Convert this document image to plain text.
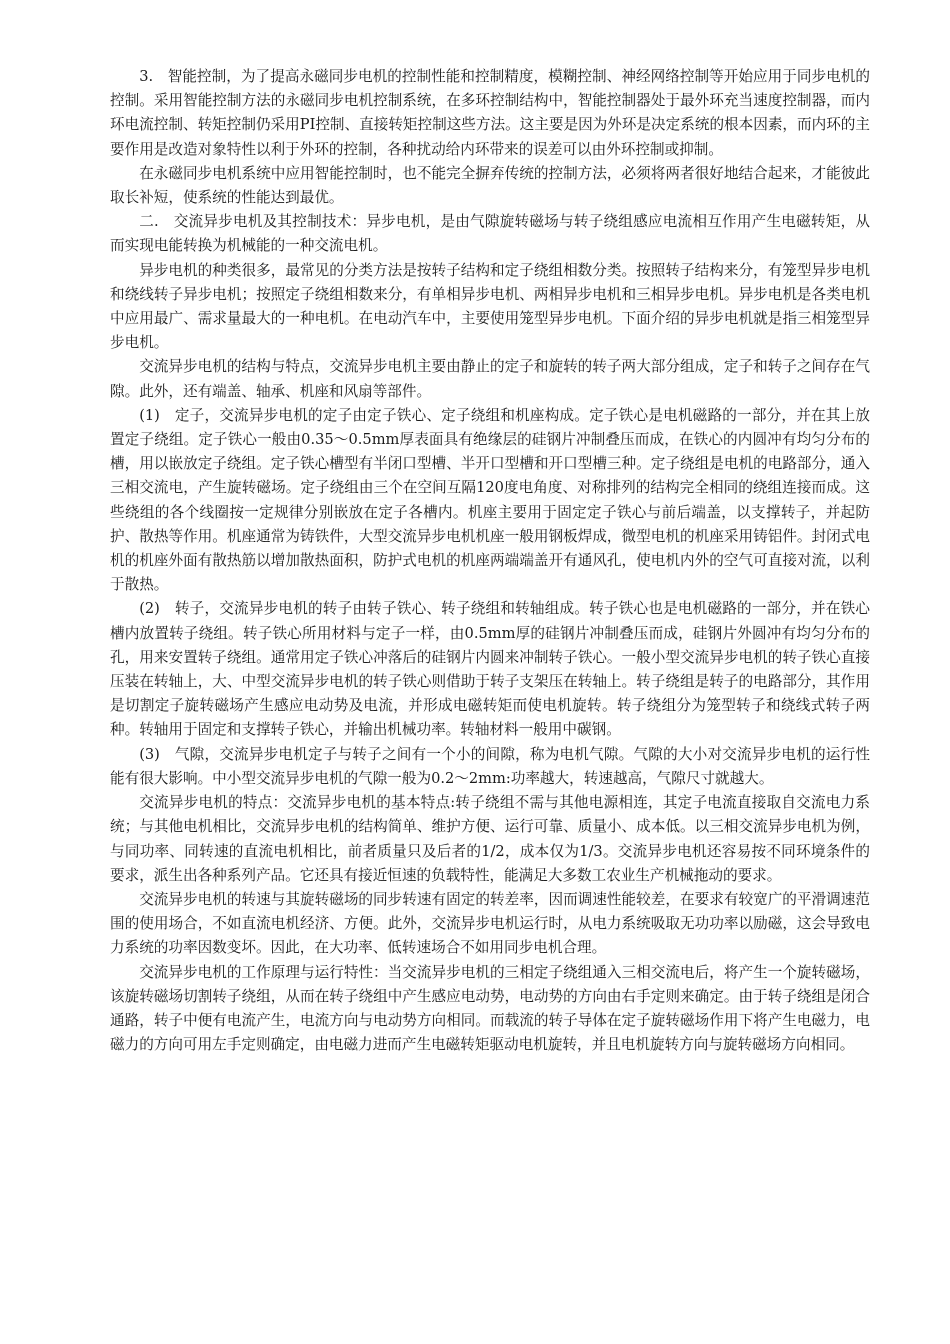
3.　智能控制，为了提高永磁同步电机的控制性能和控制精度，模糊控制、神经网络控制等开始应用于同步电机的控制。采用智能控制方法的永磁同步电机控制系统，在多环控制结构中，智能控制器处于最外环充当速度控制器，而内环电流控制、转矩控制仍采用PI控制、直接转矩控制这些方法。这主要是因为外环是决定系统的根本因素，而内环的主要作用是改造对象特性以利于外环的控制，各种扰动给内环带来的误差可以由外环控制或抑制。

在永磁同步电机系统中应用智能控制时，也不能完全摒弃传统的控制方法，必须将两者很好地结合起来，才能彼此取长补短，使系统的性能达到最优。

二.　交流异步电机及其控制技术：异步电机，是由气隙旋转磁场与转子绕组感应电流相互作用产生电磁转矩，从而实现电能转换为机械能的一种交流电机。

异步电机的种类很多，最常见的分类方法是按转子结构和定子绕组相数分类。按照转子结构来分，有笼型异步电机和绕线转子异步电机；按照定子绕组相数来分，有单相异步电机、两相异步电机和三相异步电机。异步电机是各类电机中应用最广、需求量最大的一种电机。在电动汽车中，主要使用笼型异步电机。下面介绍的异步电机就是指三相笼型异步电机。

交流异步电机的结构与特点，交流异步电机主要由静止的定子和旋转的转子两大部分组成，定子和转子之间存在气隙。此外，还有端盖、轴承、机座和风扇等部件。

(1)　定子，交流异步电机的定子由定子铁心、定子绕组和机座构成。定子铁心是电机磁路的一部分，并在其上放置定子绕组。定子铁心一般由0.35～0.5mm厚表面具有绝缘层的硅钢片冲制叠压而成，在铁心的内圆冲有均匀分布的槽，用以嵌放定子绕组。定子铁心槽型有半闭口型槽、半开口型槽和开口型槽三种。定子绕组是电机的电路部分，通入三相交流电，产生旋转磁场。定子绕组由三个在空间互隔120度电角度、对称排列的结构完全相同的绕组连接而成。这些绕组的各个线圈按一定规律分别嵌放在定子各槽内。机座主要用于固定定子铁心与前后端盖，以支撑转子，并起防护、散热等作用。机座通常为铸铁件，大型交流异步电机机座一般用钢板焊成，微型电机的机座采用铸铝件。封闭式电机的机座外面有散热筋以增加散热面积，防护式电机的机座两端端盖开有通风孔，使电机内外的空气可直接对流，以利于散热。

(2)　转子，交流异步电机的转子由转子铁心、转子绕组和转轴组成。转子铁心也是电机磁路的一部分，并在铁心槽内放置转子绕组。转子铁心所用材料与定子一样，由0.5mm厚的硅钢片冲制叠压而成，硅钢片外圆冲有均匀分布的孔，用来安置转子绕组。通常用定子铁心冲落后的硅钢片内圆来冲制转子铁心。一般小型交流异步电机的转子铁心直接压装在转轴上，大、中型交流异步电机的转子铁心则借助于转子支架压在转轴上。转子绕组是转子的电路部分，其作用是切割定子旋转磁场产生感应电动势及电流，并形成电磁转矩而使电机旋转。转子绕组分为笼型转子和绕线式转子两种。转轴用于固定和支撑转子铁心，并输出机械功率。转轴材料一般用中碳钢。

(3)　气隙，交流异步电机定子与转子之间有一个小的间隙，称为电机气隙。气隙的大小对交流异步电机的运行性能有很大影响。中小型交流异步电机的气隙一般为0.2～2mm:功率越大，转速越高，气隙尺寸就越大。

交流异步电机的特点：交流异步电机的基本特点:转子绕组不需与其他电源相连，其定子电流直接取自交流电力系统；与其他电机相比，交流异步电机的结构简单、维护方便、运行可靠、质量小、成本低。以三相交流异步电机为例，与同功率、同转速的直流电机相比，前者质量只及后者的1/2，成本仅为1/3。交流异步电机还容易按不同环境条件的要求，派生出各种系列产品。它还具有接近恒速的负载特性，能满足大多数工农业生产机械拖动的要求。

交流异步电机的转速与其旋转磁场的同步转速有固定的转差率，因而调速性能较差，在要求有较宽广的平滑调速范围的使用场合，不如直流电机经济、方便。此外，交流异步电机运行时，从电力系统吸取无功功率以励磁，这会导致电力系统的功率因数变坏。因此，在大功率、低转速场合不如用同步电机合理。

交流异步电机的工作原理与运行特性：当交流异步电机的三相定子绕组通入三相交流电后，将产生一个旋转磁场，该旋转磁场切割转子绕组，从而在转子绕组中产生感应电动势，电动势的方向由右手定则来确定。由于转子绕组是闭合通路，转子中便有电流产生，电流方向与电动势方向相同。而载流的转子导体在定子旋转磁场作用下将产生电磁力，电磁力的方向可用左手定则确定，由电磁力进而产生电磁转矩驱动电机旋转，并且电机旋转方向与旋转磁场方向相同。
